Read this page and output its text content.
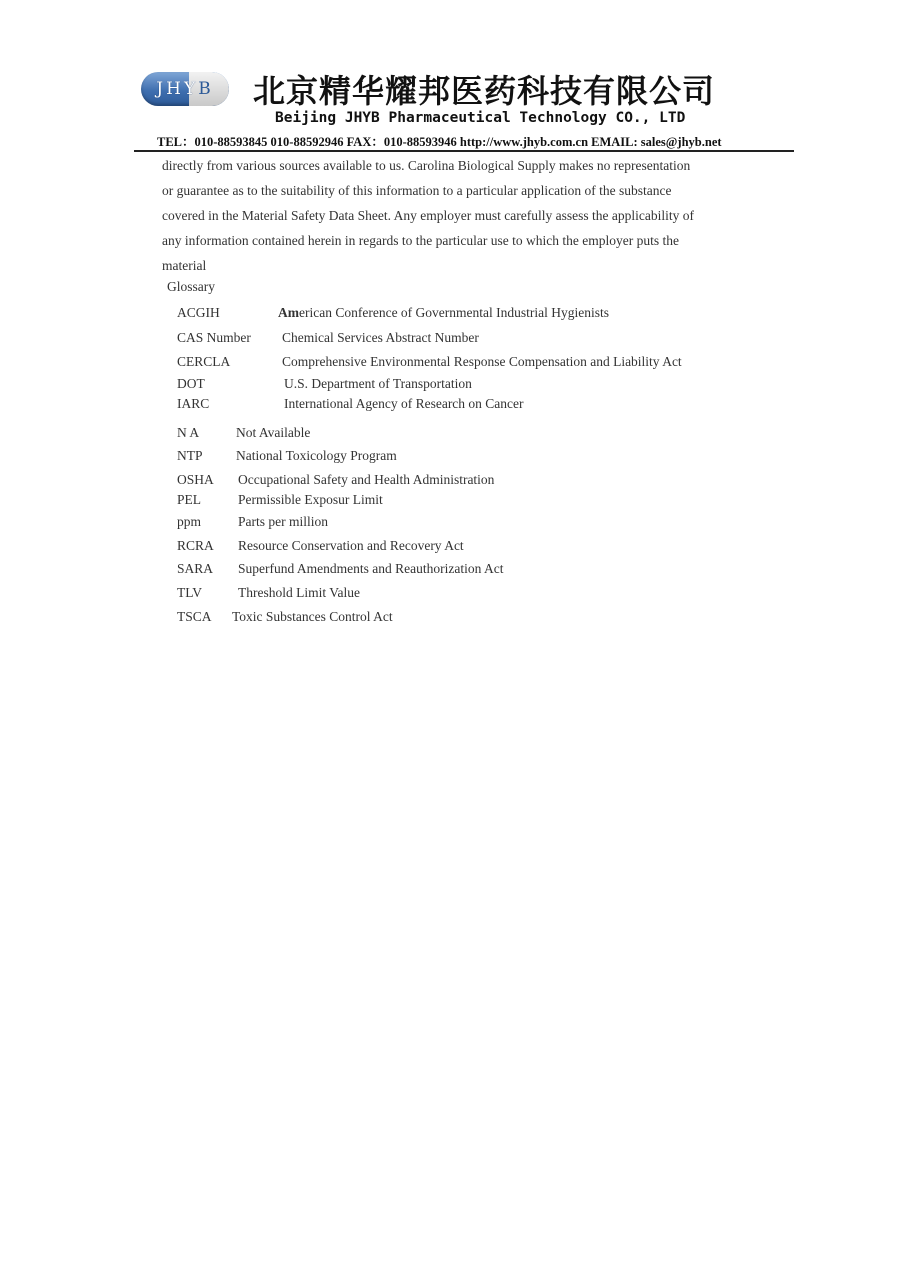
JHYB	北京精华耀邦医药科技有限公司
Beijing JHYB Pharmaceutical Technology CO., LTD
TEL：010-88593845 010-88592946 FAX：010-88593946 http://www.jhyb.com.cn EMAIL: sales@jhyb.net
directly from various sources available to us. Carolina Biological Supply makes no representation
or guarantee as to the suitability of this information to a particular application of the substance
covered in the Material Safety Data Sheet. Any employer must carefully assess the applicability of
any information contained herein in regards to the particular use to which the employer puts the
material
Glossary
ACGIH	American Conference of Governmental Industrial Hygienists
CAS Number Chemical Services Abstract Number
CERCLA	Comprehensive Environmental Response Compensation and Liability Act
DOT	U.S. Department of Transportation
IARC	International Agency of Research on Cancer
N A	Not Available
NTP National Toxicology Program
OSHA Occupational Safety and Health Administration
PEL	Permissible Exposur Limit
ppm	Parts per million
RCRA Resource Conservation and Recovery Act
SARA Superfund Amendments and Reauthorization Act
TLV	Threshold Limit Value
TSCA Toxic Substances Control Act
